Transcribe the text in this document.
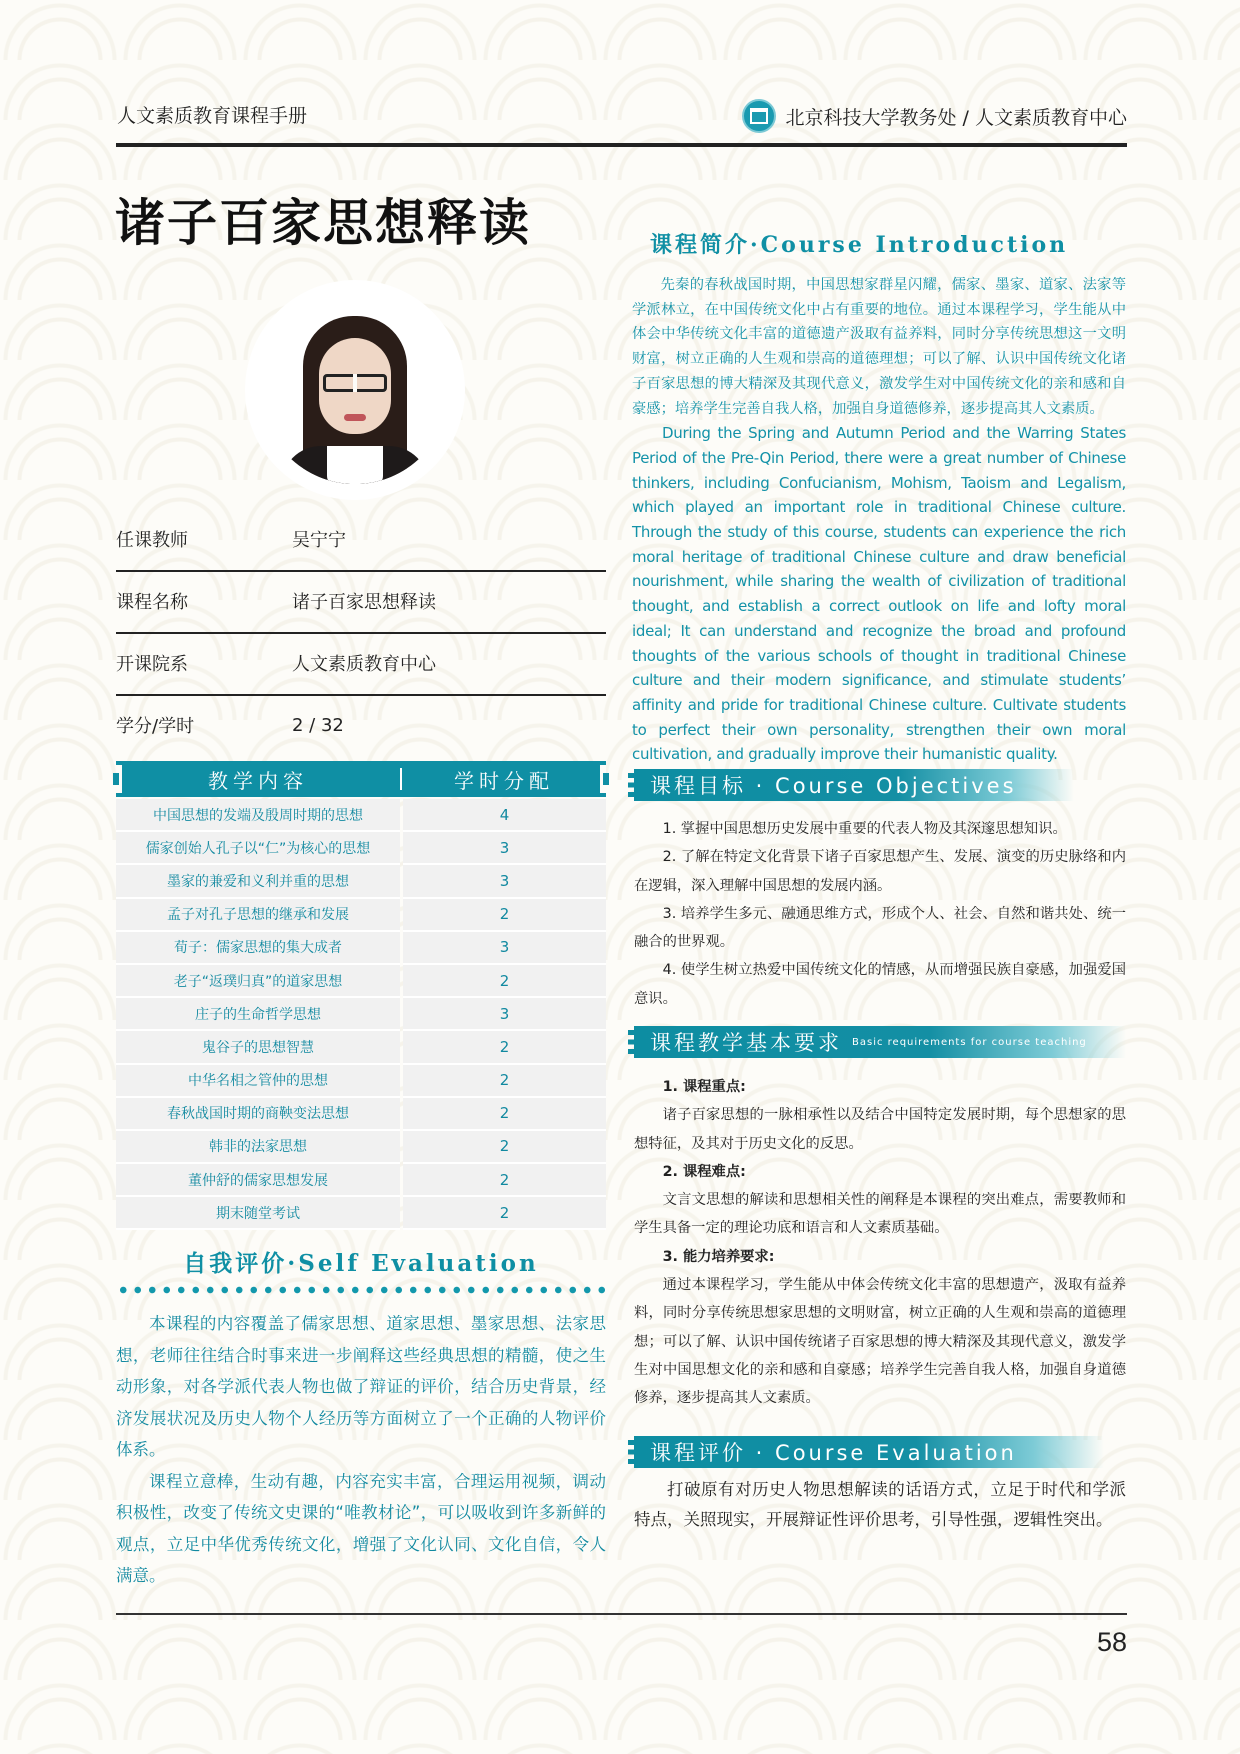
人文素质教育课程手册	北京科技大学教务处 / 人文素质教育中心
诸子百家思想释读
任课教师	吴宁宁
课程名称	诸子百家思想释读
开课院系	人文素质教育中心
学分/学时	2 / 32
教学内容	学时分配
中国思想的发端及殷周时期的思想	4
儒家创始人孔子以“仁”为核心的思想	3
墨家的兼爱和义利并重的思想	3
孟子对孔子思想的继承和发展	2
荀子：儒家思想的集大成者	3
老子“返璞归真”的道家思想	2
庄子的生命哲学思想	3
鬼谷子的思想智慧	2
中华名相之管仲的思想	2
春秋战国时期的商鞅变法思想	2
韩非的法家思想	2
董仲舒的儒家思想发展	2
期末随堂考试	2
自我评价·Self Evaluation

本课程的内容覆盖了儒家思想、道家思想、墨家思想、法家思想，老师往往结合时事来进一步阐释这些经典思想的精髓，使之生动形象，对各学派代表人物也做了辩证的评价，结合历史背景，经济发展状况及历史人物个人经历等方面树立了一个正确的人物评价体系。

课程立意棒，生动有趣，内容充实丰富，合理运用视频，调动积极性，改变了传统文史课的“唯教材论”，可以吸收到许多新鲜的观点，立足中华优秀传统文化，增强了文化认同、文化自信，令人满意。

课程简介·Course Introduction

先秦的春秋战国时期，中国思想家群星闪耀，儒家、墨家、道家、法家等学派林立，在中国传统文化中占有重要的地位。通过本课程学习，学生能从中体会中华传统文化丰富的道德遗产汲取有益养料，同时分享传统思想这一文明财富，树立正确的人生观和崇高的道德理想；可以了解、认识中国传统文化诸子百家思想的博大精深及其现代意义，激发学生对中国传统文化的亲和感和自豪感；培养学生完善自我人格，加强自身道德修养，逐步提高其人文素质。

During the Spring and Autumn Period and the Warring States Period of the Pre-Qin Period, there were a great number of Chinese thinkers, including Confucianism, Mohism, Taoism and Legalism, which played an important role in traditional Chinese culture. Through the study of this course, students can experience the rich moral heritage of traditional Chinese culture and draw beneficial nourishment, while sharing the wealth of civilization of traditional thought, and establish a correct outlook on life and lofty moral ideal; It can understand and recognize the broad and profound thoughts of the various schools of thought in traditional Chinese culture and their modern significance, and stimulate students’ affinity and pride for traditional Chinese culture. Cultivate students to perfect their own personality, strengthen their own moral cultivation, and gradually improve their humanistic quality.

课程目标 · Course Objectives

1. 掌握中国思想历史发展中重要的代表人物及其深邃思想知识。

2. 了解在特定文化背景下诸子百家思想产生、发展、演变的历史脉络和内在逻辑，深入理解中国思想的发展内涵。

3. 培养学生多元、融通思维方式，形成个人、社会、自然和谐共处、统一融合的世界观。

4. 使学生树立热爱中国传统文化的情感，从而增强民族自豪感，加强爱国意识。

课程教学基本要求 Basic requirements for course teaching

1. 课程重点:

诸子百家思想的一脉相承性以及结合中国特定发展时期，每个思想家的思想特征，及其对于历史文化的反思。

2. 课程难点:

文言文思想的解读和思想相关性的阐释是本课程的突出难点，需要教师和学生具备一定的理论功底和语言和人文素质基础。

3. 能力培养要求:

通过本课程学习，学生能从中体会传统文化丰富的思想遗产，汲取有益养料，同时分享传统思想家思想的文明财富，树立正确的人生观和崇高的道德理想；可以了解、认识中国传统诸子百家思想的博大精深及其现代意义，激发学生对中国思想文化的亲和感和自豪感；培养学生完善自我人格，加强自身道德修养，逐步提高其人文素质。

课程评价 · Course Evaluation

打破原有对历史人物思想解读的话语方式，立足于时代和学派特点，关照现实，开展辩证性评价思考，引导性强，逻辑性突出。

58
